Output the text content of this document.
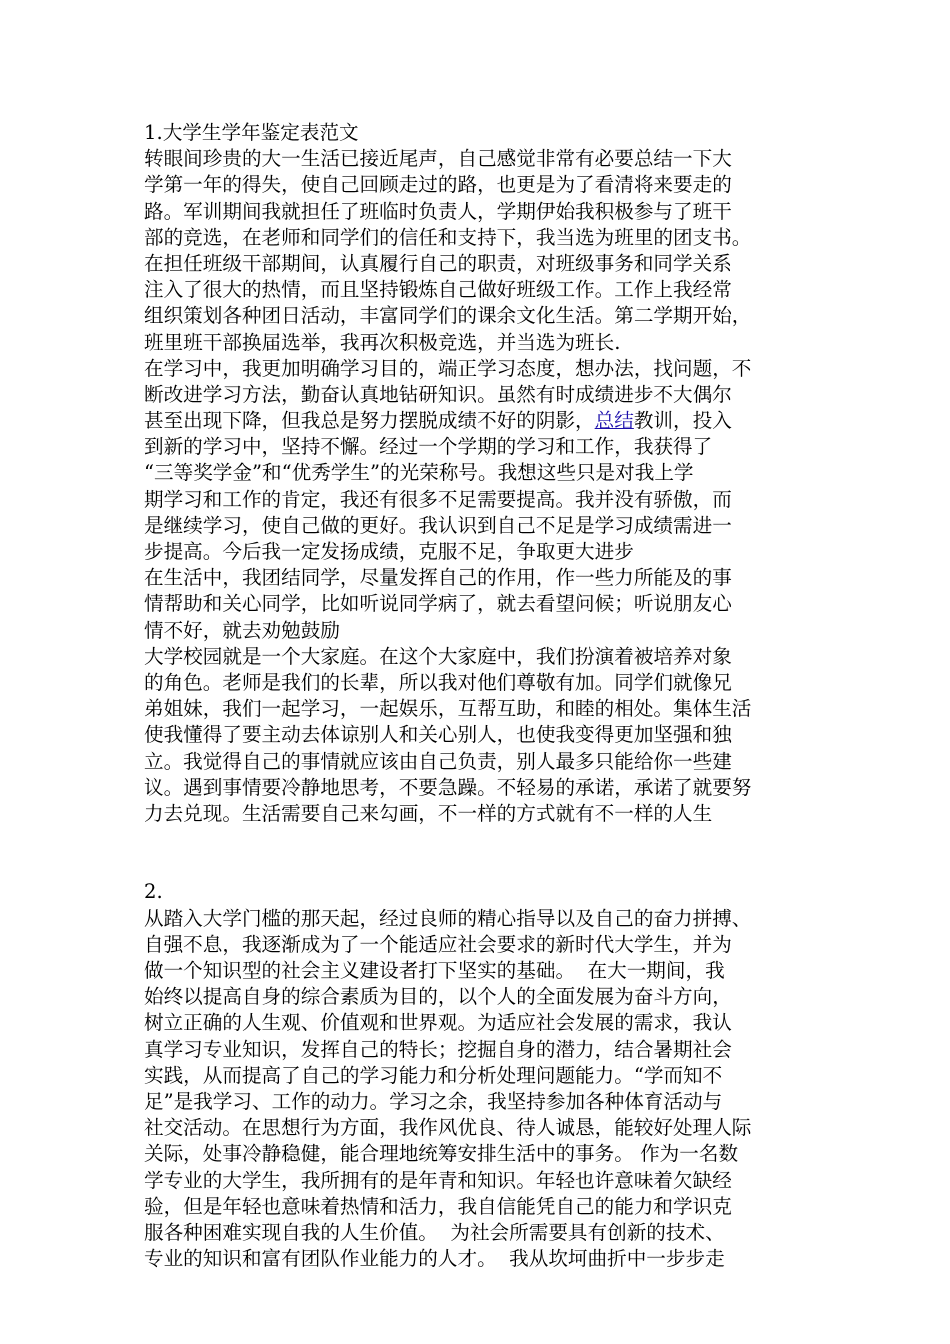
1.大学生学年鉴定表范文
转眼间珍贵的大一生活已接近尾声，自己感觉非常有必要总结一下大
学第一年的得失，使自己回顾走过的路，也更是为了看清将来要走的
路。军训期间我就担任了班临时负责人，学期伊始我积极参与了班干
部的竞选，在老师和同学们的信任和支持下，我当选为班里的团支书。
在担任班级干部期间，认真履行自己的职责，对班级事务和同学关系
注入了很大的热情，而且坚持锻炼自己做好班级工作。工作上我经常
组织策划各种团日活动，丰富同学们的课余文化生活。第二学期开始，
班里班干部换届选举，我再次积极竞选，并当选为班长.
在学习中，我更加明确学习目的，端正学习态度，想办法，找问题，不
断改进学习方法，勤奋认真地钻研知识。虽然有时成绩进步不大偶尔
甚至出现下降，但我总是努力摆脱成绩不好的阴影，总结教训，投入
到新的学习中，坚持不懈。经过一个学期的学习和工作，我获得了
“三等奖学金”和“优秀学生”的光荣称号。我想这些只是对我上学
期学习和工作的肯定，我还有很多不足需要提高。我并没有骄傲，而
是继续学习，使自己做的更好。我认识到自己不足是学习成绩需进一
步提高。今后我一定发扬成绩，克服不足，争取更大进步
在生活中，我团结同学，尽量发挥自己的作用，作一些力所能及的事
情帮助和关心同学，比如听说同学病了，就去看望问候；听说朋友心
情不好，就去劝勉鼓励
大学校园就是一个大家庭。在这个大家庭中，我们扮演着被培养对象
的角色。老师是我们的长辈，所以我对他们尊敬有加。同学们就像兄
弟姐妹，我们一起学习，一起娱乐，互帮互助，和睦的相处。集体生活
使我懂得了要主动去体谅别人和关心别人，也使我变得更加坚强和独
立。我觉得自己的事情就应该由自己负责，别人最多只能给你一些建
议。遇到事情要冷静地思考，不要急躁。不轻易的承诺，承诺了就要努
力去兑现。生活需要自己来勾画，不一样的方式就有不一样的人生
2.
从踏入大学门槛的那天起，经过良师的精心指导以及自己的奋力拼搏、
自强不息，我逐渐成为了一个能适应社会要求的新时代大学生，并为
做一个知识型的社会主义建设者打下坚实的基础。  在大一期间，我
始终以提高自身的综合素质为目的，以个人的全面发展为奋斗方向，
树立正确的人生观、价值观和世界观。为适应社会发展的需求，我认
真学习专业知识，发挥自己的特长；挖掘自身的潜力，结合暑期社会
实践，从而提高了自己的学习能力和分析处理问题能力。“学而知不
足”是我学习、工作的动力。学习之余，我坚持参加各种体育活动与
社交活动。在思想行为方面，我作风优良、待人诚恳，能较好处理人际
关际，处事冷静稳健，能合理地统筹安排生活中的事务。 作为一名数
学专业的大学生，我所拥有的是年青和知识。年轻也许意味着欠缺经
验，但是年轻也意味着热情和活力，我自信能凭自己的能力和学识克
服各种困难实现自我的人生价值。  为社会所需要具有创新的技术、
专业的知识和富有团队作业能力的人才。  我从坎坷曲折中一步步走
